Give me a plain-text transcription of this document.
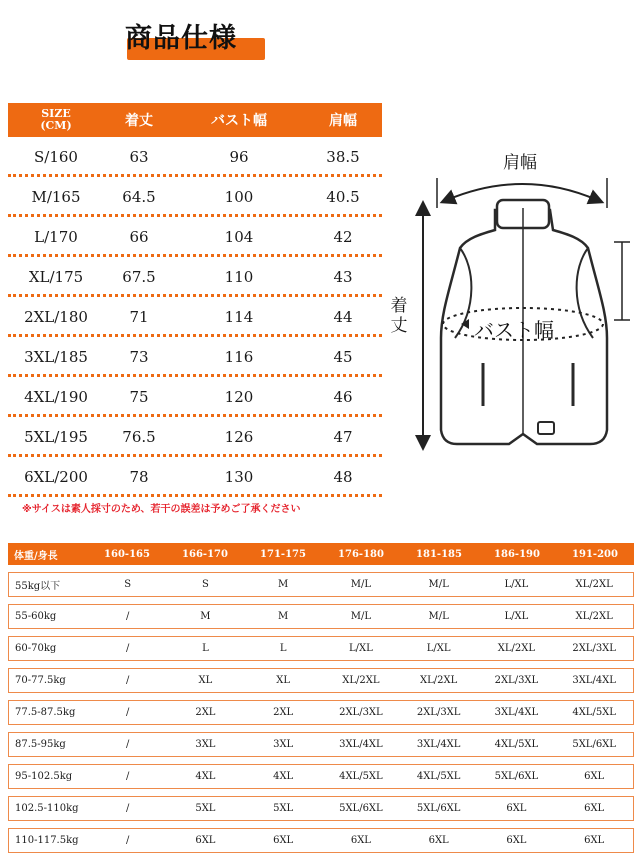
商品仕様
SIZE
(CM)	着丈	バスト幅	肩幅
S/160	63	96	38.5
M/165	64.5	100	40.5
L/170	66	104	42
XL/175	67.5	110	43
2XL/180	71	114	44
3XL/185	73	116	45
4XL/190	75	120	46
5XL/195	76.5	126	47
6XL/200	78	130	48
※サイスは素人採寸のため、若干の誤差は予めご了承ください
肩幅
着丈	バスト幅
体重/身長	160-165	166-170	171-175	176-180	181-185	186-190	191-200
55kg以下	S	S	M	M/L	M/L	L/XL	XL/2XL
55-60kg	/	M	M	M/L	M/L	L/XL	XL/2XL
60-70kg	/	L	L	L/XL	L/XL	XL/2XL	2XL/3XL
70-77.5kg	/	XL	XL	XL/2XL	XL/2XL	2XL/3XL	3XL/4XL
77.5-87.5kg	/	2XL	2XL	2XL/3XL	2XL/3XL	3XL/4XL	4XL/5XL
87.5-95kg	/	3XL	3XL	3XL/4XL	3XL/4XL	4XL/5XL	5XL/6XL
95-102.5kg	/	4XL	4XL	4XL/5XL	4XL/5XL	5XL/6XL	6XL
102.5-110kg	/	5XL	5XL	5XL/6XL	5XL/6XL	6XL	6XL
110-117.5kg	/	6XL	6XL	6XL	6XL	6XL	6XL
